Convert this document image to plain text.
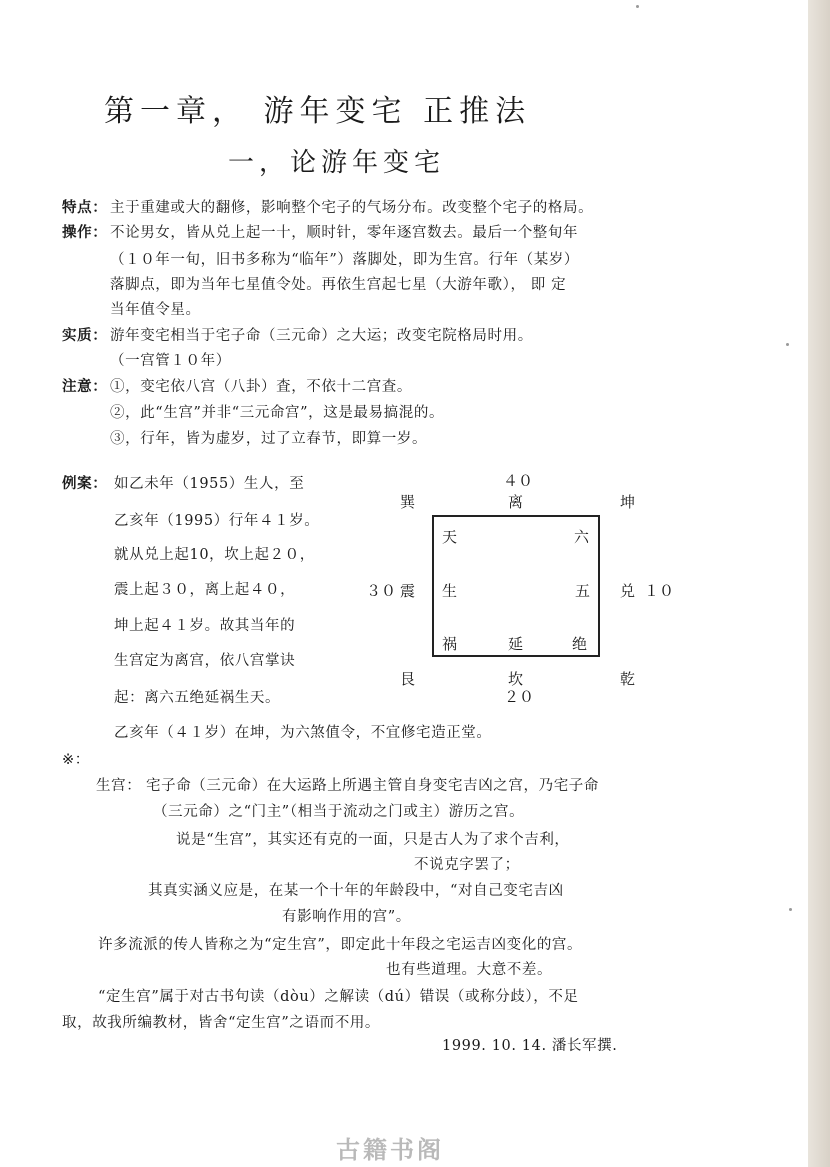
第一章， 游年变宅 正推法
一，论游年变宅
特点： 主于重建或大的翻修，影响整个宅子的气场分布。改变整个宅子的格局。
操作： 不论男女，皆从兑上起一十，顺时针，零年逐宫数去。最后一个整旬年
（１０年一旬，旧书多称为“临年”）落脚处，即为生宫。行年（某岁）
落脚点，即为当年七星值令处。再依生宫起七星（大游年歌）， 即 定
当年值令星。
实质： 游年变宅相当于宅子命（三元命）之大运；改变宅院格局时用。
（一宫管１０年）
注意： ①，变宅依八宫（八卦）査，不依十二宫査。
②，此“生宫”并非“三元命宫”，这是最易搞混的。
③，行年，皆为虚岁，过了立春节，即算一岁。
例案： 如乙未年（1955）生人，至
乙亥年（1995）行年４１岁。
就从兑上起10，坎上起２０，
震上起３０，离上起４０，
坤上起４１岁。故其当年的
生宫定为离宫，依八宫掌诀
起：离六五绝延祸生天。
乙亥年（４１岁）在坤，为六煞值令，不宜修宅造正堂。
４０
巽	离	坤
天	六
生	五
祸	延	绝
３０ 震	兑 １０
艮	坎	乾
２０
※：
生宫： 宅子命（三元命）在大运路上所遇主管自身变宅吉凶之宫，乃宅子命
（三元命）之“门主”（相当于流动之门或主）游历之宫。
说是“生宫”，其实还有克的一面，只是古人为了求个吉利，
不说克字罢了；
其真实涵义应是，在某一个十年的年龄段中，“对自己变宅吉凶
有影响作用的宫”。
许多流派的传人皆称之为“定生宫”，即定此十年段之宅运吉凶变化的宫。
也有些道理。大意不差。
“定生宫”属于对古书句读（dòu）之解读（dú）错误（或称分歧），不足
取，故我所编教材，皆舍“定生宫”之语而不用。
1999. 10. 14. 潘长军撰.
古籍书阁
